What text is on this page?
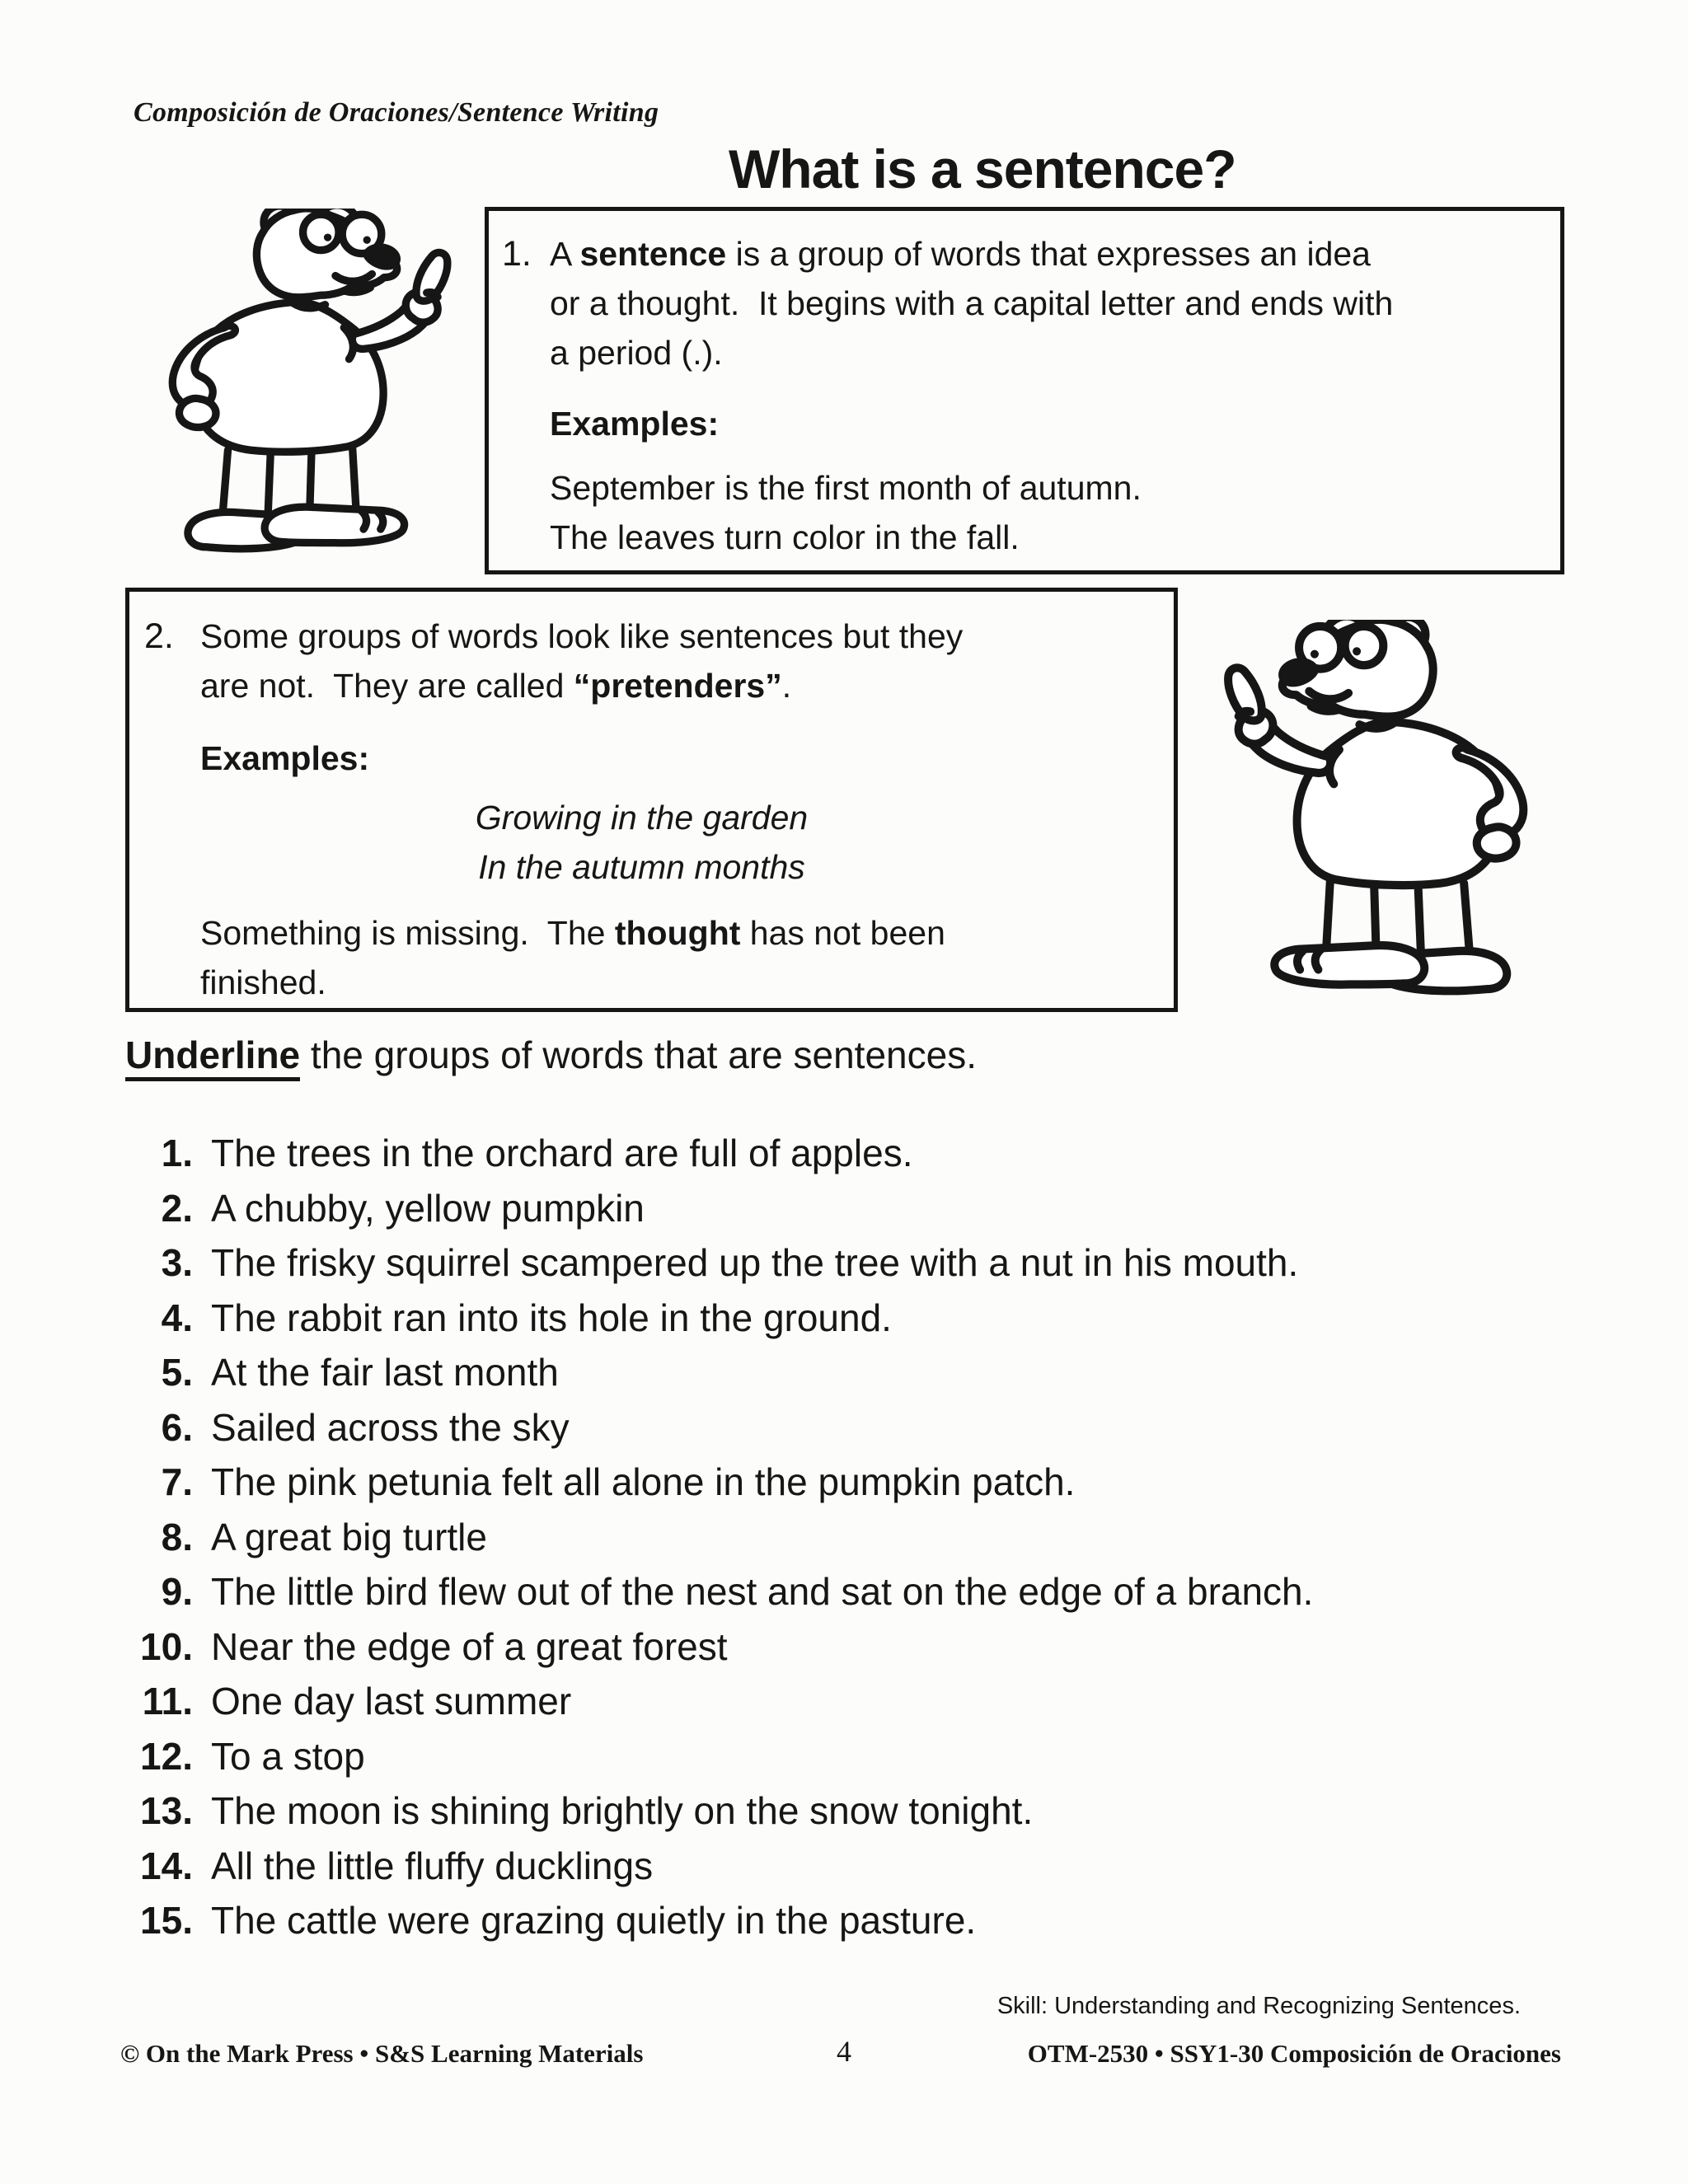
Composición de Oraciones/Sentence Writing
What is a sentence?
1. A sentence is a group of words that expresses an idea
or a thought.  It begins with a capital letter and ends with
a period (.).
Examples:
September is the first month of autumn.
The leaves turn color in the fall.
2. Some groups of words look like sentences but they
are not.  They are called “pretenders”.
Examples:
Growing in the garden
In the autumn months
Something is missing.  The thought has not been
finished.
Underline the groups of words that are sentences.
1. The trees in the orchard are full of apples.
2. A chubby, yellow pumpkin
3. The frisky squirrel scampered up the tree with a nut in his mouth.
4. The rabbit ran into its hole in the ground.
5. At the fair last month
6. Sailed across the sky
7. The pink petunia felt all alone in the pumpkin patch.
8. A great big turtle
9. The little bird flew out of the nest and sat on the edge of a branch.
10. Near the edge of a great forest
11. One day last summer
12. To a stop
13. The moon is shining brightly on the snow tonight.
14. All the little fluffy ducklings
15. The cattle were grazing quietly in the pasture.
Skill: Understanding and Recognizing Sentences.
© On the Mark Press • S&S Learning Materials	4	OTM-2530 • SSY1-30 Composición de Oraciones
